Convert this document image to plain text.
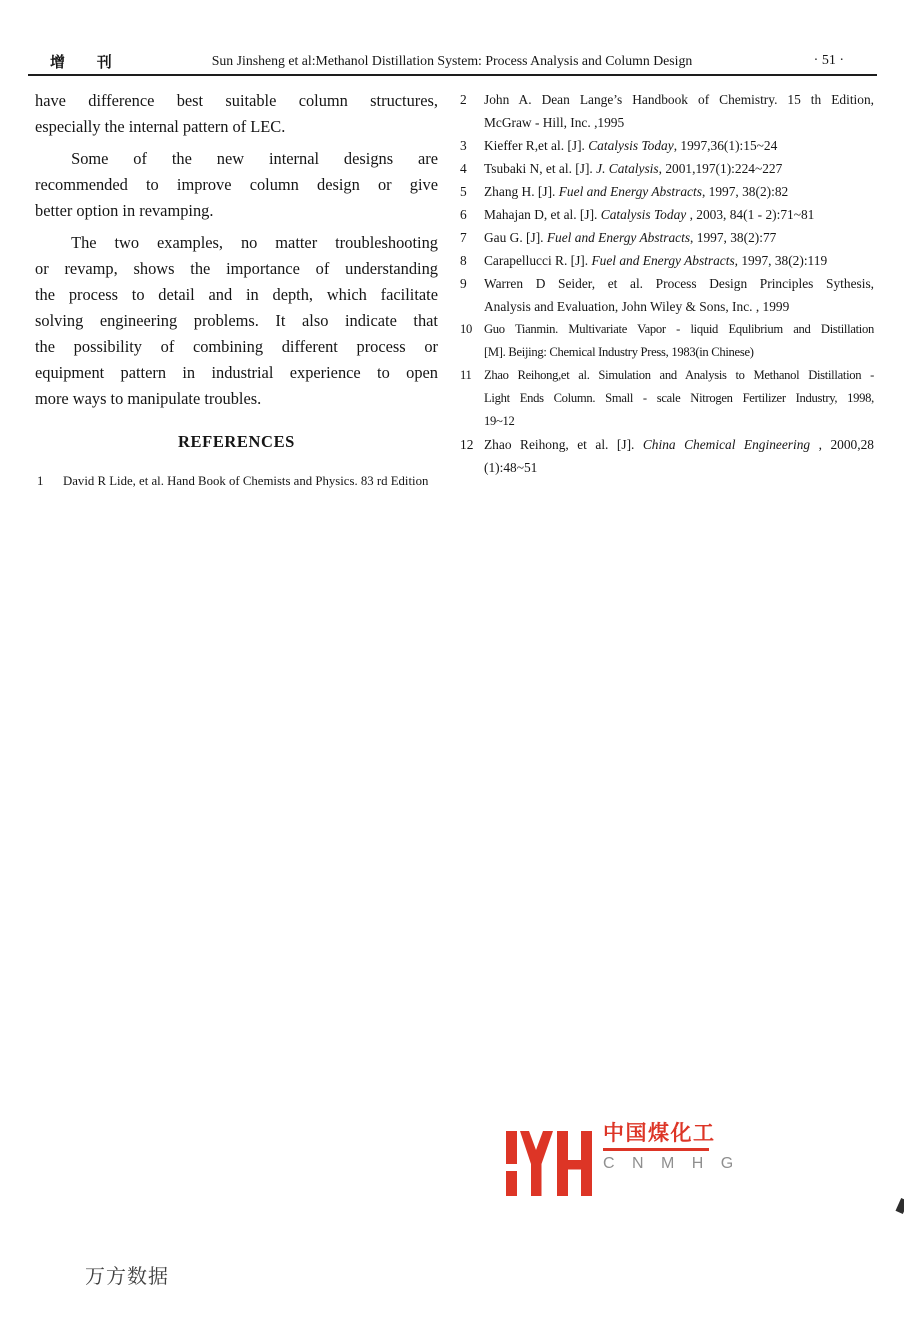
增 刊	Sun Jinsheng et al:Methanol Distillation System: Process Analysis and Column Design	· 51 ·
have difference best suitable column structures,
especially the internal pattern of LEC.
Some of the new internal designs are
recommended to improve column design or give
better option in revamping.
The two examples, no matter troubleshooting
or revamp, shows the importance of understanding
the process to detail and in depth, which facilitate
solving engineering problems. It also indicate that
the possibility of combining different process or
equipment pattern in industrial experience to open
more ways to manipulate troubles.
REFERENCES
1 David R Lide, et al. Hand Book of Chemists and Physics. 83 rd Edition
2 John A. Dean Lange’s Handbook of Chemistry. 15 th Edition,
McGraw - Hill, Inc. ,1995
3 Kieffer R,et al. [J]. Catalysis Today, 1997,36(1):15~24
4 Tsubaki N, et al. [J]. J. Catalysis, 2001,197(1):224~227
5 Zhang H. [J]. Fuel and Energy Abstracts, 1997, 38(2):82
6 Mahajan D, et al. [J]. Catalysis Today , 2003, 84(1 - 2):71~81
7 Gau G. [J]. Fuel and Energy Abstracts, 1997, 38(2):77
8 Carapellucci R. [J]. Fuel and Energy Abstracts, 1997, 38(2):119
9 Warren D Seider, et al. Process Design Principles Sythesis,
Analysis and Evaluation, John Wiley & Sons, Inc. , 1999
10 Guo Tianmin. Multivariate Vapor - liquid Equlibrium and Distillation
[M]. Beijing: Chemical Industry Press, 1983(in Chinese)
11 Zhao Reihong,et al. Simulation and Analysis to Methanol Distillation -
Light Ends Column. Small - scale Nitrogen Fertilizer Industry, 1998,
19~12
12 Zhao Reihong, et al. [J]. China Chemical Engineering , 2000,28
(1):48~51
中国煤化工
C N M H G
万方数据
